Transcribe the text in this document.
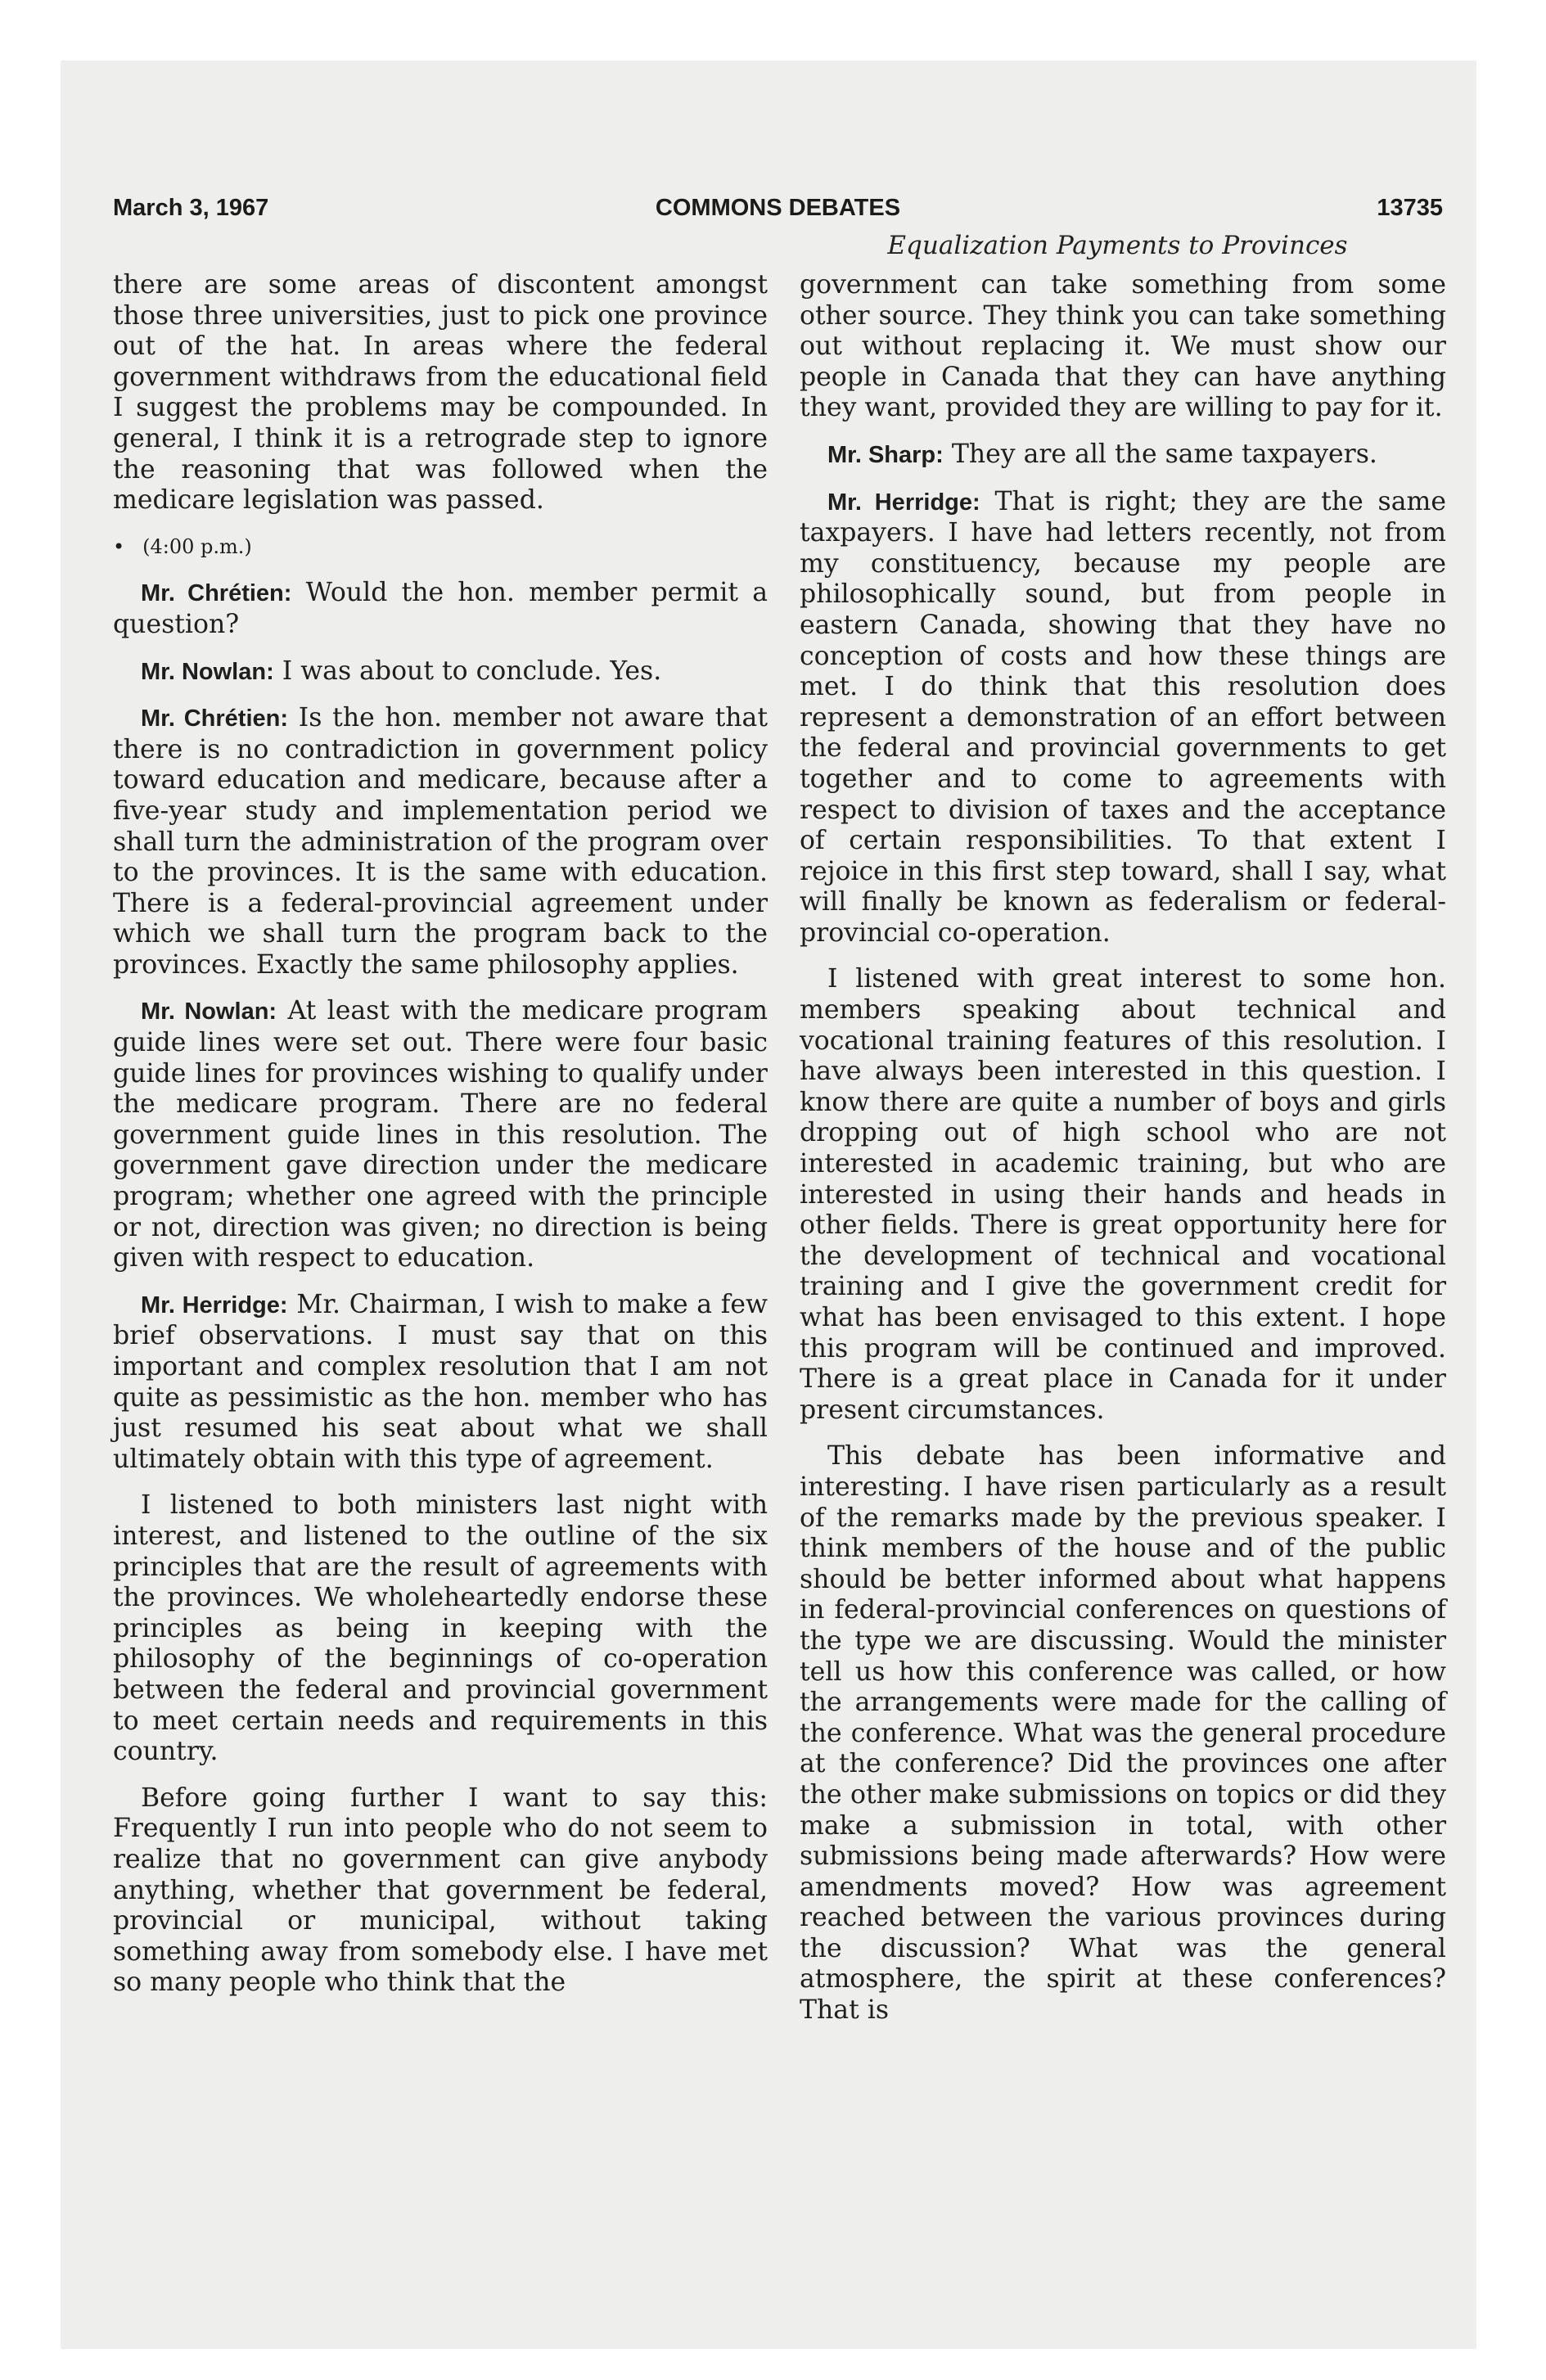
March 3, 1967	COMMONS DEBATES	13735
Equalization Payments to Provinces

there are some areas of discontent amongst those three universities, just to pick one province out of the hat. In areas where the federal government withdraws from the educational field I suggest the problems may be compounded. In general, I think it is a retrograde step to ignore the reasoning that was followed when the medicare legislation was passed.

• (4:00 p.m.)

Mr. Chrétien: Would the hon. member permit a question?

Mr. Nowlan: I was about to conclude. Yes.

Mr. Chrétien: Is the hon. member not aware that there is no contradiction in government policy toward education and medicare, because after a five-year study and implementation period we shall turn the administration of the program over to the provinces. It is the same with education. There is a federal-provincial agreement under which we shall turn the program back to the provinces. Exactly the same philosophy applies.

Mr. Nowlan: At least with the medicare program guide lines were set out. There were four basic guide lines for provinces wishing to qualify under the medicare program. There are no federal government guide lines in this resolution. The government gave direction under the medicare program; whether one agreed with the principle or not, direction was given; no direction is being given with respect to education.

Mr. Herridge: Mr. Chairman, I wish to make a few brief observations. I must say that on this important and complex resolution that I am not quite as pessimistic as the hon. member who has just resumed his seat about what we shall ultimately obtain with this type of agreement.

I listened to both ministers last night with interest, and listened to the outline of the six principles that are the result of agreements with the provinces. We wholeheartedly endorse these principles as being in keeping with the philosophy of the beginnings of co-operation between the federal and provincial government to meet certain needs and requirements in this country.

Before going further I want to say this: Frequently I run into people who do not seem to realize that no government can give anybody anything, whether that government be federal, provincial or municipal, without taking something away from somebody else. I have met so many people who think that the

government can take something from some other source. They think you can take something out without replacing it. We must show our people in Canada that they can have anything they want, provided they are willing to pay for it.

Mr. Sharp: They are all the same taxpayers.

Mr. Herridge: That is right; they are the same taxpayers. I have had letters recently, not from my constituency, because my people are philosophically sound, but from people in eastern Canada, showing that they have no conception of costs and how these things are met. I do think that this resolution does represent a demonstration of an effort between the federal and provincial governments to get together and to come to agreements with respect to division of taxes and the acceptance of certain responsibilities. To that extent I rejoice in this first step toward, shall I say, what will finally be known as federalism or federal-provincial co-operation.

I listened with great interest to some hon. members speaking about technical and vocational training features of this resolution. I have always been interested in this question. I know there are quite a number of boys and girls dropping out of high school who are not interested in academic training, but who are interested in using their hands and heads in other fields. There is great opportunity here for the development of technical and vocational training and I give the government credit for what has been envisaged to this extent. I hope this program will be continued and improved. There is a great place in Canada for it under present circumstances.

This debate has been informative and interesting. I have risen particularly as a result of the remarks made by the previous speaker. I think members of the house and of the public should be better informed about what happens in federal-provincial conferences on questions of the type we are discussing. Would the minister tell us how this conference was called, or how the arrangements were made for the calling of the conference. What was the general procedure at the conference? Did the provinces one after the other make submissions on topics or did they make a submission in total, with other submissions being made afterwards? How were amendments moved? How was agreement reached between the various provinces during the discussion? What was the general atmosphere, the spirit at these conferences? That is
